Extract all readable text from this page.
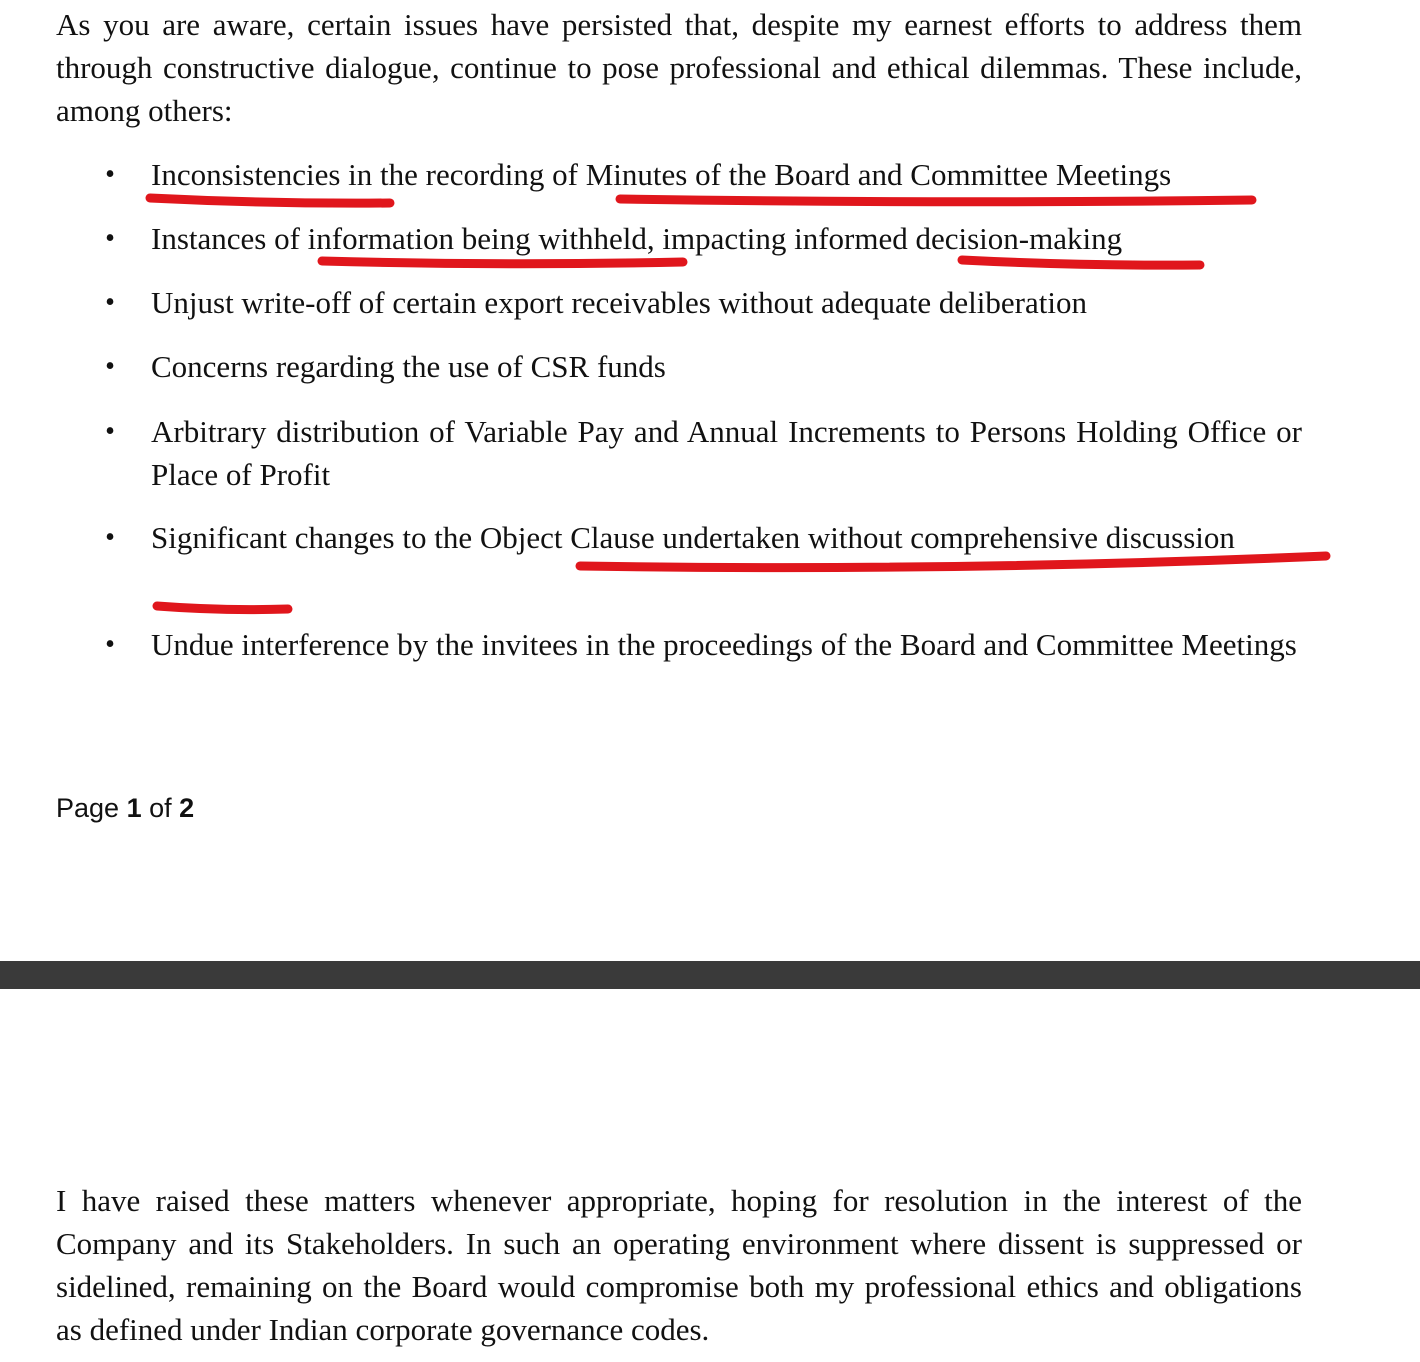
As you are aware, certain issues have persisted that, despite my earnest efforts to address them through constructive dialogue, continue to pose professional and ethical dilemmas. These include, among others:

• Inconsistencies in the recording of Minutes of the Board and Committee Meetings
• Instances of information being withheld, impacting informed decision-making
• Unjust write-off of certain export receivables without adequate deliberation
• Concerns regarding the use of CSR funds
• Arbitrary distribution of Variable Pay and Annual Increments to Persons Holding Office or Place of Profit
• Significant changes to the Object Clause undertaken without comprehensive discussion
• Undue interference by the invitees in the proceedings of the Board and Committee Meetings
Page 1 of 2

I have raised these matters whenever appropriate, hoping for resolution in the interest of the Company and its Stakeholders. In such an operating environment where dissent is suppressed or sidelined, remaining on the Board would compromise both my professional ethics and obligations as defined under Indian corporate governance codes.
